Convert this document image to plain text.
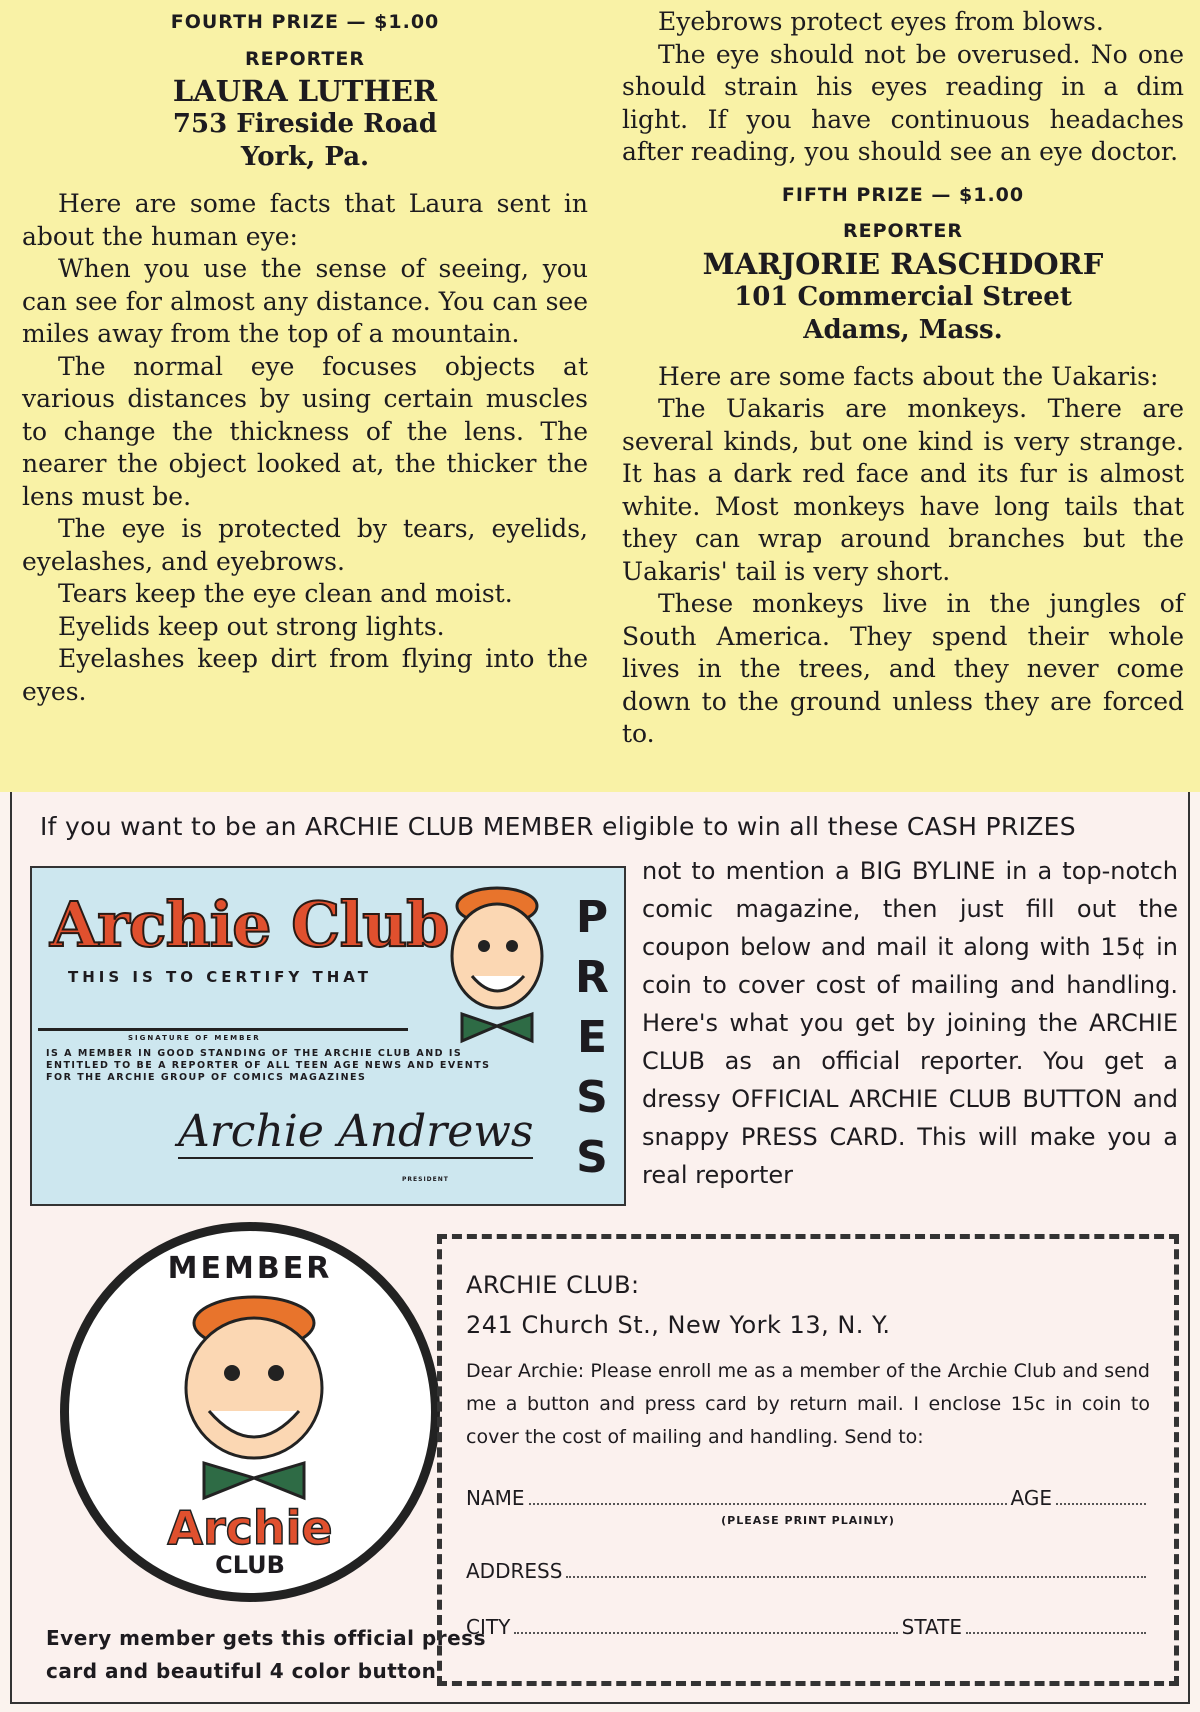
FOURTH PRIZE — $1.00
REPORTER
LAURA LUTHER
753 Fireside Road
York, Pa.

Here are some facts that Laura sent in about the human eye:

When you use the sense of seeing, you can see for almost any distance. You can see miles away from the top of a mountain.

The normal eye focuses objects at various distances by using certain muscles to change the thickness of the lens. The nearer the object looked at, the thicker the lens must be.

The eye is protected by tears, eyelids, eyelashes, and eyebrows.

Tears keep the eye clean and moist.

Eyelids keep out strong lights.

Eyelashes keep dirt from flying into the eyes.

Eyebrows protect eyes from blows.

The eye should not be overused. No one should strain his eyes reading in a dim light. If you have continuous headaches after reading, you should see an eye doctor.

FIFTH PRIZE — $1.00
REPORTER
MARJORIE RASCHDORF
101 Commercial Street
Adams, Mass.

Here are some facts about the Uakaris:

The Uakaris are monkeys. There are several kinds, but one kind is very strange. It has a dark red face and its fur is almost white. Most monkeys have long tails that they can wrap around branches but the Uakaris' tail is very short.

These monkeys live in the jungles of South America. They spend their whole lives in the trees, and they never come down to the ground unless they are forced to.

If you want to be an ARCHIE CLUB MEMBER eligible to win all these CASH PRIZES
Archie Club
THIS IS TO CERTIFY THAT
SIGNATURE OF MEMBER
IS A MEMBER IN GOOD STANDING OF THE ARCHIE CLUB AND IS ENTITLED TO BE A REPORTER OF ALL TEEN AGE NEWS AND EVENTS FOR THE ARCHIE GROUP OF COMICS MAGAZINES
Archie Andrews
PRESIDENT
P
R
E
S
S
not to mention a BIG BYLINE in a top-notch comic magazine, then just fill out the coupon below and mail it along with 15¢ in coin to cover cost of mailing and handling. Here's what you get by joining the ARCHIE CLUB as an official reporter. You get a dressy OFFICIAL ARCHIE CLUB BUTTON and snappy PRESS CARD. This will make you a real reporter
MEMBER
Archie
CLUB
Every member gets this official press
card and beautiful 4 color button
ARCHIE CLUB:
241 Church St., New York 13, N. Y.
Dear Archie: Please enroll me as a member of the Archie Club and send me a button and press card by return mail. I enclose 15c in coin to cover the cost of mailing and handling. Send to:
NAME	AGE
(PLEASE PRINT PLAINLY)
ADDRESS
CITY	STATE
